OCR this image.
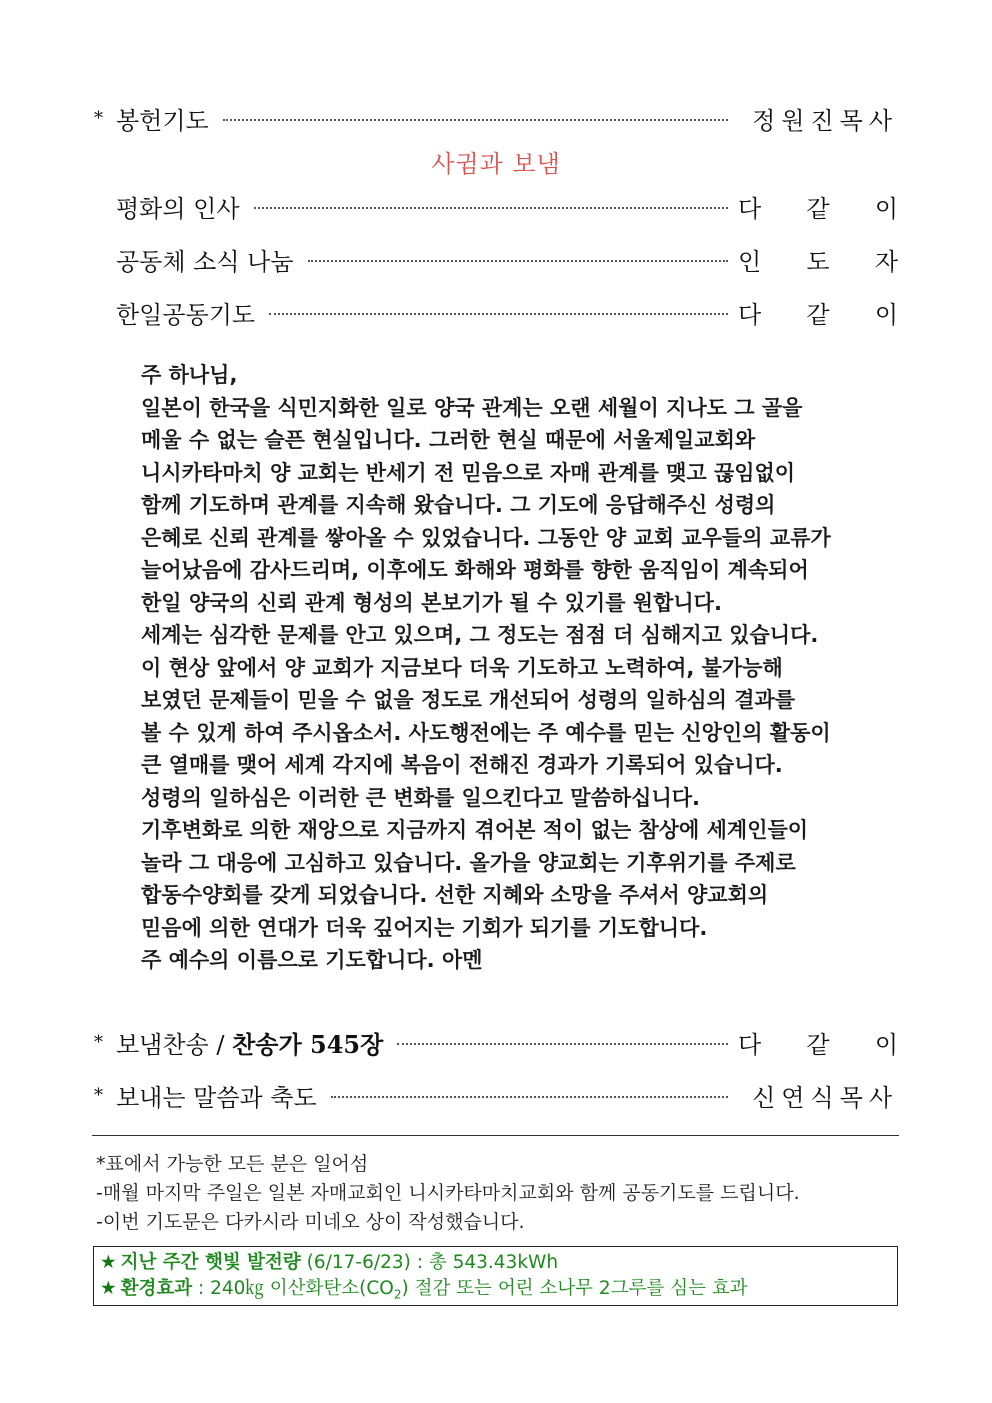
* 봉헌기도	정원진목사
사귐과 보냄
평화의 인사	다 같 이
공동체 소식 나눔	인 도 자
한일공동기도	다 같 이
주 하나님,
일본이 한국을 식민지화한 일로 양국 관계는 오랜 세월이 지나도 그 골을
메울 수 없는 슬픈 현실입니다. 그러한 현실 때문에 서울제일교회와
니시카타마치 양 교회는 반세기 전 믿음으로 자매 관계를 맺고 끊임없이
함께 기도하며 관계를 지속해 왔습니다. 그 기도에 응답해주신 성령의
은혜로 신뢰 관계를 쌓아올 수 있었습니다. 그동안 양 교회 교우들의 교류가
늘어났음에 감사드리며, 이후에도 화해와 평화를 향한 움직임이 계속되어
한일 양국의 신뢰 관계 형성의 본보기가 될 수 있기를 원합니다.
세계는 심각한 문제를 안고 있으며, 그 정도는 점점 더 심해지고 있습니다.
이 현상 앞에서 양 교회가 지금보다 더욱 기도하고 노력하여, 불가능해
보였던 문제들이 믿을 수 없을 정도로 개선되어 성령의 일하심의 결과를
볼 수 있게 하여 주시옵소서. 사도행전에는 주 예수를 믿는 신앙인의 활동이
큰 열매를 맺어 세계 각지에 복음이 전해진 경과가 기록되어 있습니다.
성령의 일하심은 이러한 큰 변화를 일으킨다고 말씀하십니다.
기후변화로 의한 재앙으로 지금까지 겪어본 적이 없는 참상에 세계인들이
놀라 그 대응에 고심하고 있습니다. 올가을 양교회는 기후위기를 주제로
합동수양회를 갖게 되었습니다. 선한 지혜와 소망을 주셔서 양교회의
믿음에 의한 연대가 더욱 깊어지는 기회가 되기를 기도합니다.
주 예수의 이름으로 기도합니다. 아멘
* 보냄찬송 / 찬송가 545장	다 같 이
* 보내는 말씀과 축도	신연식목사
*표에서 가능한 모든 분은 일어섬
-매월 마지막 주일은 일본 자매교회인 니시카타마치교회와 함께 공동기도를 드립니다.
-이번 기도문은 다카시라 미네오 상이 작성했습니다.
★ 지난 주간 햇빛 발전량 (6/17-6/23) : 총 543.43kWh
★ 환경효과 : 240㎏ 이산화탄소$(CO_2)$ 절감 또는 어린 소나무 2그루를 심는 효과
